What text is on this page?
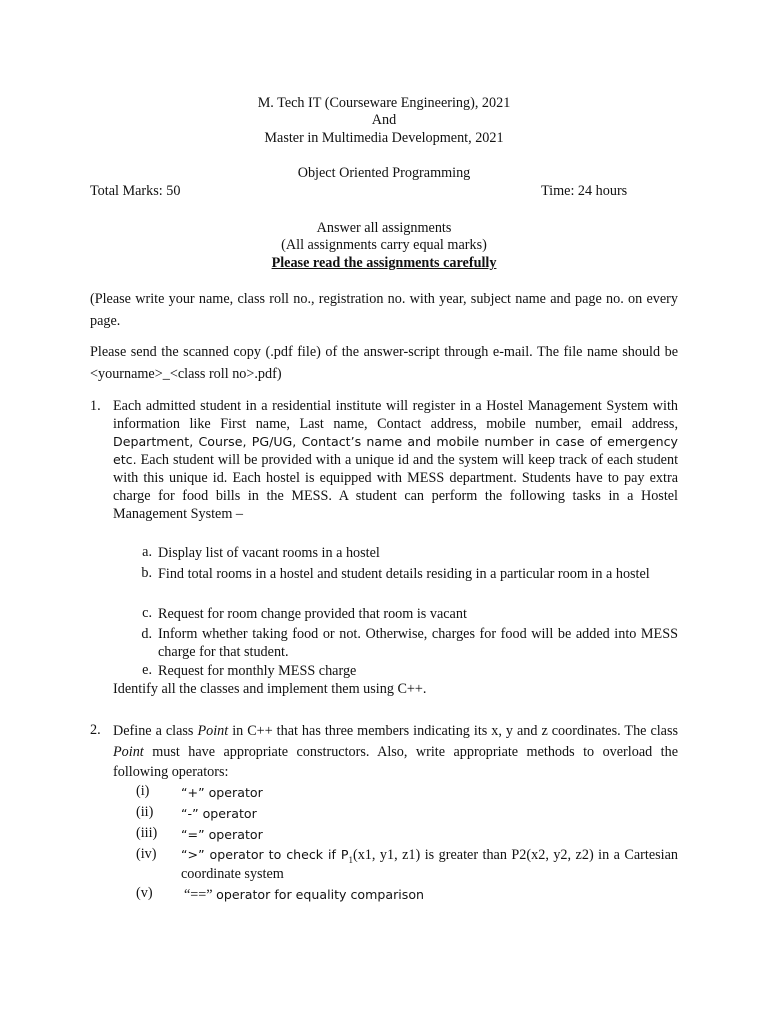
M. Tech IT (Courseware Engineering), 2021
And
Master in Multimedia Development, 2021
Object Oriented Programming
Total Marks: 50	Time: 24 hours
Answer all assignments
(All assignments carry equal marks)
Please read the assignments carefully
(Please write your name, class roll no., registration no. with year, subject name and page no. on every page.
Please send the scanned copy (.pdf file) of the answer-script through e-mail. The file name should be <yourname>_<class roll no>.pdf)
1. Each admitted student in a residential institute will register in a Hostel Management System with information like First name, Last name, Contact address, mobile number, email address, Department, Course, PG/UG, Contact’s name and mobile number in case of emergency etc. Each student will be provided with a unique id and the system will keep track of each student with this unique id. Each hostel is equipped with MESS department. Students have to pay extra charge for food bills in the MESS. A student can perform the following tasks in a Hostel Management System –
a. Display list of vacant rooms in a hostel
b. Find total rooms in a hostel and student details residing in a particular room in a hostel
c. Request for room change provided that room is vacant
d. Inform whether taking food or not. Otherwise, charges for food will be added into MESS charge for that student.
e. Request for monthly MESS charge
Identify all the classes and implement them using C++.
2. Define a class Point in C++ that has three members indicating its x, y and z coordinates. The class Point must have appropriate constructors. Also, write appropriate methods to overload the following operators:
(i)	“+” operator
(ii) “-” operator
(iii) “=” operator
(iv) “>” operator to check if $P_1(x1$, y1, z1) is greater than P2(x2, y2, z2) in a Cartesian coordinate system
(v) “==” operator for equality comparison
